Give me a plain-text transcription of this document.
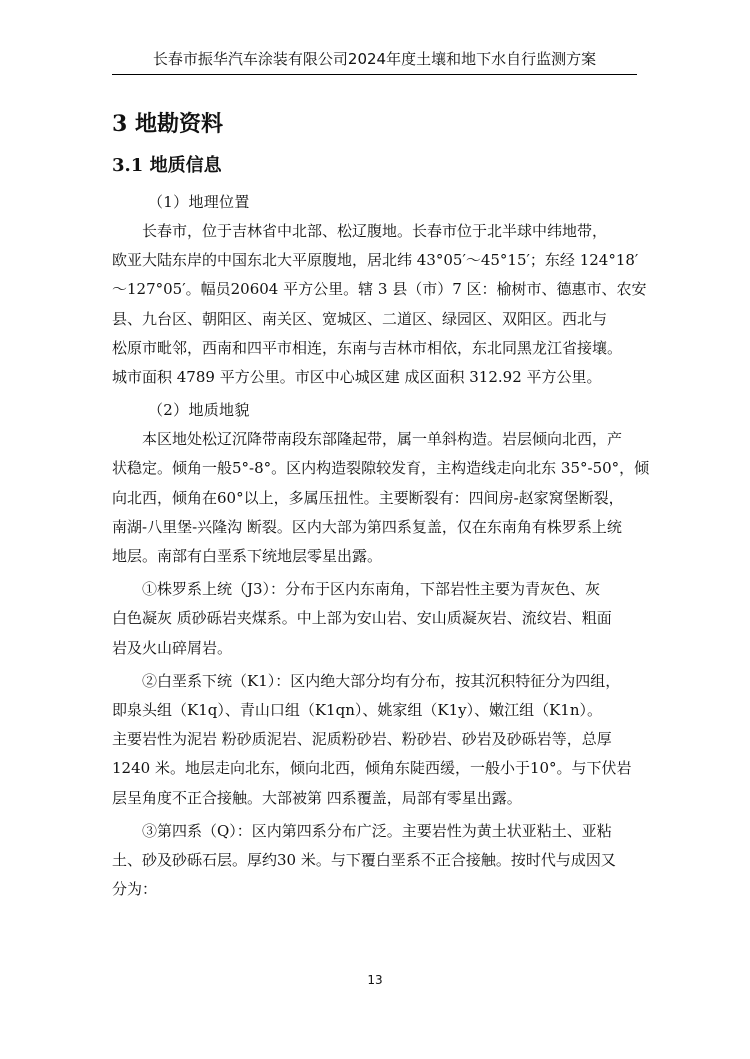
长春市振华汽车涂装有限公司2024年度土壤和地下水自行监测方案
3 地勘资料
3.1 地质信息
（1）地理位置
长春市，位于吉林省中北部、松辽腹地。长春市位于北半球中纬地带，
欧亚大陆东岸的中国东北大平原腹地，居北纬 43°05′～45°15′；东经 124°18′
～127°05′。幅员20604 平方公里。辖 3 县（市）7 区：榆树市、德惠市、农安
县、九台区、朝阳区、南关区、宽城区、二道区、绿园区、双阳区。西北与
松原市毗邻，西南和四平市相连，东南与吉林市相依，东北同黑龙江省接壤。
城市面积 4789 平方公里。市区中心城区建 成区面积 312.92 平方公里。
（2）地质地貌
本区地处松辽沉降带南段东部隆起带，属一单斜构造。岩层倾向北西，产
状稳定。倾角一般5°-8°。区内构造裂隙较发育，主构造线走向北东 35°-50°，倾
向北西，倾角在60°以上，多属压扭性。主要断裂有：四间房-赵家窝堡断裂，
南湖-八里堡-兴隆沟 断裂。区内大部为第四系复盖，仅在东南角有株罗系上统
地层。南部有白垩系下统地层零星出露。
①株罗系上统（J3）：分布于区内东南角，下部岩性主要为青灰色、灰
白色凝灰 质砂砾岩夹煤系。中上部为安山岩、安山质凝灰岩、流纹岩、粗面
岩及火山碎屑岩。
②白垩系下统（K1）：区内绝大部分均有分布，按其沉积特征分为四组，
即泉头组（K1q）、青山口组（K1qn）、姚家组（K1y）、嫩江组（K1n）。
主要岩性为泥岩 粉砂质泥岩、泥质粉砂岩、粉砂岩、砂岩及砂砾岩等，总厚
1240 米。地层走向北东，倾向北西，倾角东陡西缓，一般小于10°。与下伏岩
层呈角度不正合接触。大部被第 四系覆盖，局部有零星出露。
③第四系（Q）：区内第四系分布广泛。主要岩性为黄土状亚粘土、亚粘
土、砂及砂砾石层。厚约30 米。与下覆白垩系不正合接触。按时代与成因又
分为：
13
